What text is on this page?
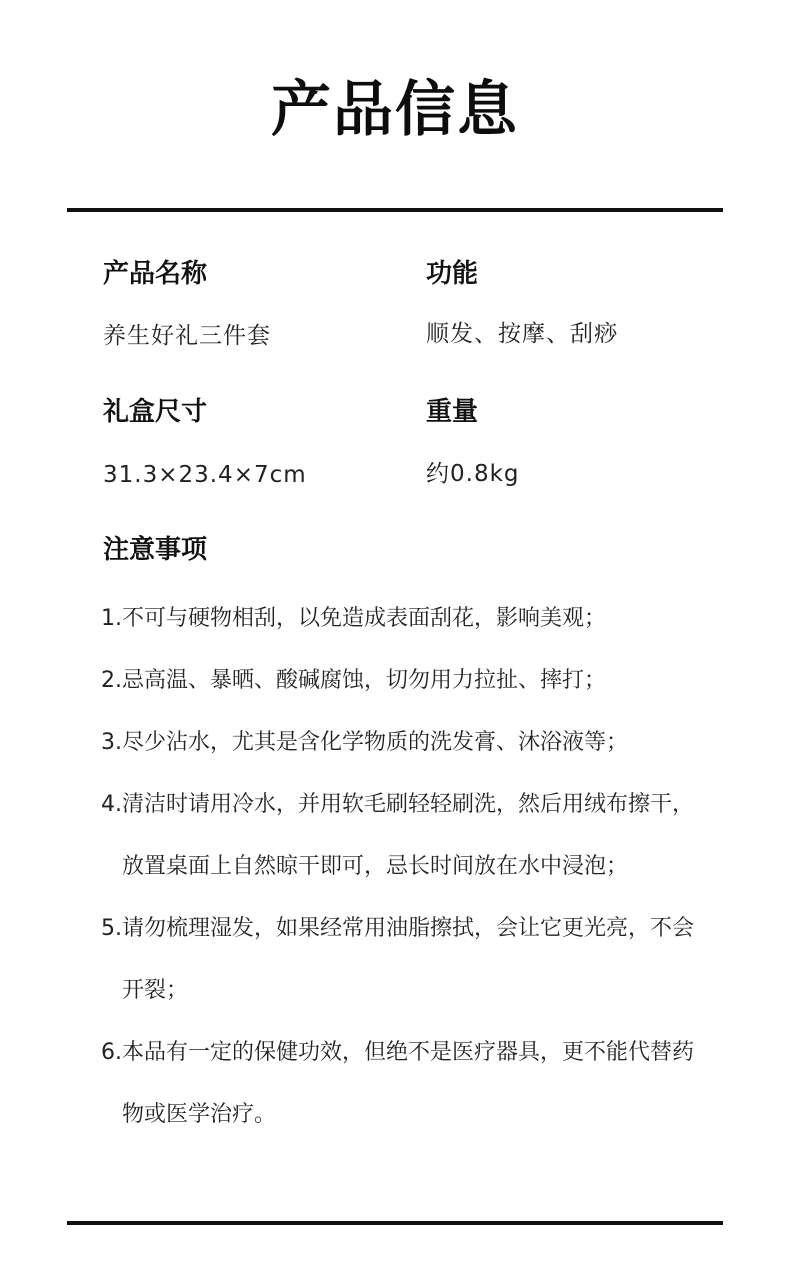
产品信息
产品名称
养生好礼三件套
功能
顺发、按摩、刮痧
礼盒尺寸
31.3×23.4×7cm
重量
约0.8kg
注意事项
1. 不可与硬物相刮，以免造成表面刮花，影响美观；
2. 忌高温、暴晒、酸碱腐蚀，切勿用力拉扯、摔打；
3. 尽少沾水，尤其是含化学物质的洗发膏、沐浴液等；
4. 清洁时请用冷水，并用软毛刷轻轻刷洗，然后用绒布擦干，放置桌面上自然晾干即可，忌长时间放在水中浸泡；
5. 请勿梳理湿发，如果经常用油脂擦拭，会让它更光亮，不会开裂；
6. 本品有一定的保健功效，但绝不是医疗器具，更不能代替药物或医学治疗。
